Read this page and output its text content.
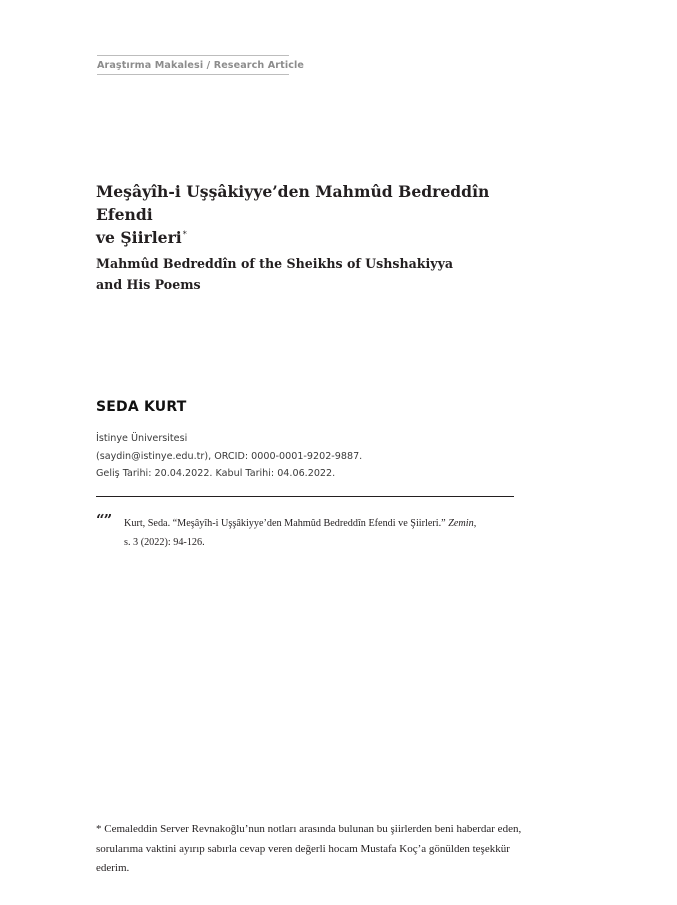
Araştırma Makalesi / Research Article
Meşâyîh-i Uşşâkiyye’den Mahmûd Bedreddîn Efendi
ve Şiirleri*
Mahmûd Bedreddîn of the Sheikhs of Ushshakiyya
and His Poems
SEDA KURT
İstinye Üniversitesi
(saydin@istinye.edu.tr), ORCID: 0000-0001-9202-9887.
Geliş Tarihi: 20.04.2022. Kabul Tarihi: 04.06.2022.
“”	Kurt, Seda. “Meşâyîh-i Uşşâkiyye’den Mahmûd Bedreddîn Efendi ve Şiirleri.” Zemin,
s. 3 (2022): 94-126.

* Cemaleddin Server Revnakoğlu’nun notları arasında bulunan bu şiirlerden beni haberdar eden, sorularıma vaktini ayırıp sabırla cevap veren değerli hocam Mustafa Koç’a gönülden teşekkür ederim.
